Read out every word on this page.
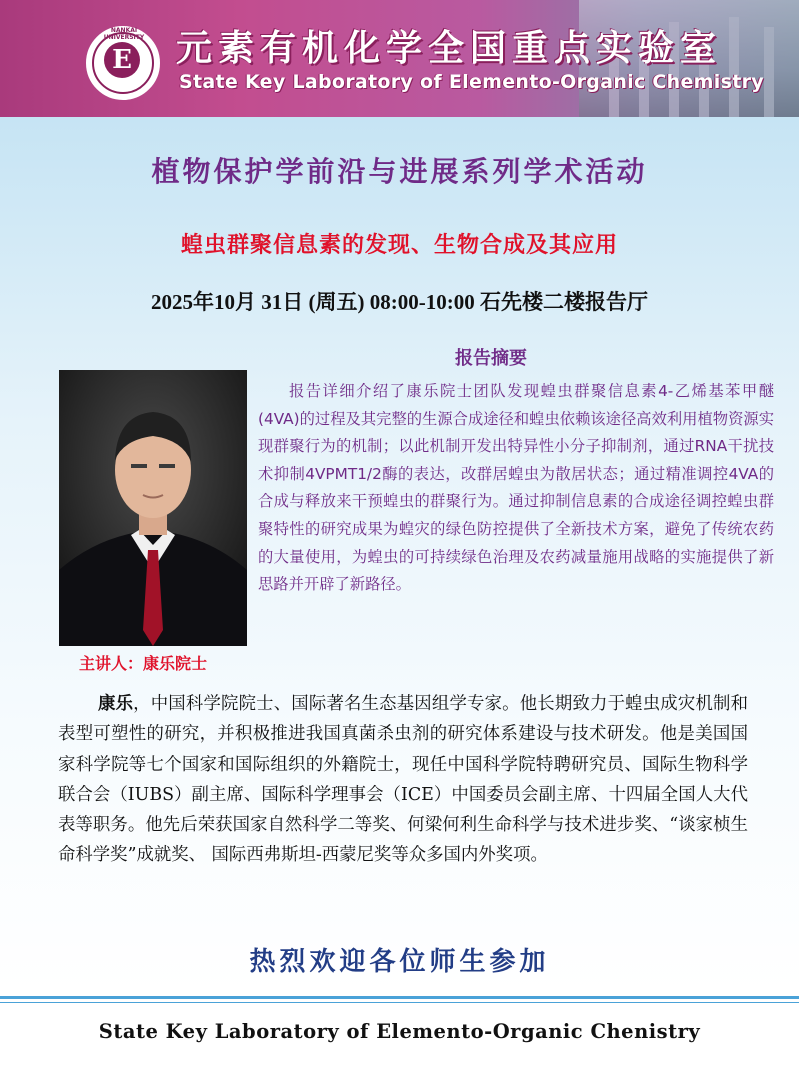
NANKAI UNIVERSITY
E 元素有机化学全国重点实验室
State Key Laboratory of Elemento-Organic Chemistry
植物保护学前沿与进展系列学术活动
蝗虫群聚信息素的发现、生物合成及其应用
2025年10月 31日 (周五) 08:00-10:00 石先楼二楼报告厅
报告摘要
主讲人：康乐院士
报告详细介绍了康乐院士团队发现蝗虫群聚信息素4-乙烯基苯甲醚(4VA)的过程及其完整的生源合成途径和蝗虫依赖该途径高效利用植物资源实现群聚行为的机制；以此机制开发出特异性小分子抑制剂，通过RNA干扰技术抑制4VPMT1/2酶的表达，改群居蝗虫为散居状态；通过精准调控4VA的合成与释放来干预蝗虫的群聚行为。通过抑制信息素的合成途径调控蝗虫群聚特性的研究成果为蝗灾的绿色防控提供了全新技术方案，避免了传统农药的大量使用，为蝗虫的可持续绿色治理及农药减量施用战略的实施提供了新思路并开辟了新路径。
康乐，中国科学院院士、国际著名生态基因组学专家。他长期致力于蝗虫成灾机制和表型可塑性的研究，并积极推进我国真菌杀虫剂的研究体系建设与技术研发。他是美国国家科学院等七个国家和国际组织的外籍院士，现任中国科学院特聘研究员、国际生物科学联合会（IUBS）副主席、国际科学理事会（ICE）中国委员会副主席、十四届全国人大代表等职务。他先后荣获国家自然科学二等奖、何梁何利生命科学与技术进步奖、“谈家桢生命科学奖”成就奖、 国际西弗斯坦-西蒙尼奖等众多国内外奖项。
热烈欢迎各位师生参加
State Key Laboratory of Elemento-Organic Chenistry
